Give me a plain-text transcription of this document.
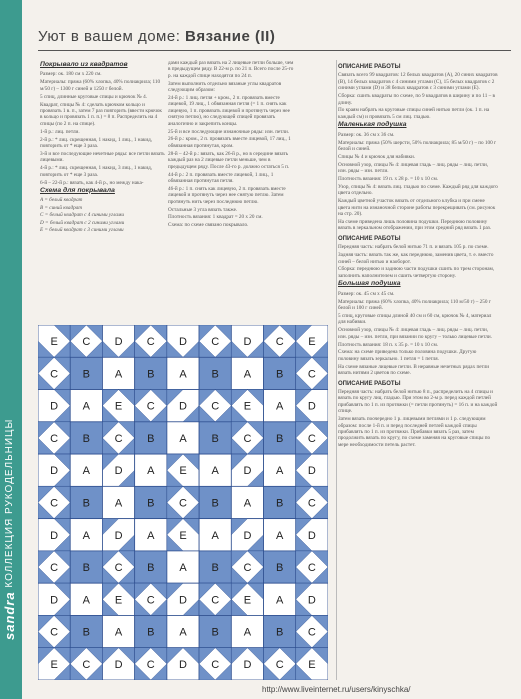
sandra КОЛЛЕКЦИЯ РУКОДЕЛЬНИЦЫ
Уют в вашем доме: Вязание (II)
Покрывало из квадратов

Размер: ок. 180 см х 220 см.

Материалы: пряжа (60% хлопка, 40% полиакрила; 110 м/50 г) – 1300 г синей и 1250 г белой.

5 спиц, длинные круговые спицы и крючок № 4.

Квадрат, спицы № 4: сделать крючком кольцо и провязать 1 в. п., затем 7 раз повторить (ввести крючок в кольцо и провязать 1 п. п.) = 8 п. Распределить на 4 спицы (по 2 п. на спице).

1-й р.: лиц. петли.

2-й р.: * лиц. скрещенная, 1 накид, 1 лиц., 1 накид, повторить от * еще 3 раза.

3-й и все последующие нечетные ряды: все петли вязать лицевыми.

4-й р.: * лиц. скрещенная, 1 накид, 3 лиц., 1 накид, повторить от * еще 3 раза.

6-й – 22-й р.: вязать, как 4-й р., но между нака-

Схема для покрывала
A = белый квадрат
B = синий квадрат
C = белый квадрат с 4 синими углами
D = белый квадрат с 2 синими углами
E = белый квадрат с 3 синими углами

дами каждый раз вязать на 2 лицевые петли больше, чем в предыдущем ряду. В 22-м р. по 21 п. Всего после 25-го р. на каждой спице находятся по 24 п.

Затем выполнить отдельно вязаные углы квадратов следующим образом:

24-й р.: 1 лиц. петля + кром., 2 п. провязать вместе лицевой, 19 лиц., 1 обвязанная петля (= 1 п. снять как лицевую, 1 п. провязать лицевой и протянуть через нее снятую петлю), но следующей спицей провязать аналогично и закрепить концы.

25-й и все последующие изнаночные ряды: изн. петли.

26-й р.: кром., 2 п. провязать вместе лицевой, 17 лиц., 1 обвязанная протянутая, кром.

28-й – 42-й р.: вязать, как 26-й р., но в середине вязать каждый раз на 2 лицевые петли меньше, чем в предыдущем ряду. После 43-го р. должно остаться 5 п.

44-й р.: 2 п. провязать вместе лицевой, 1 лиц., 1 обвязанная протянутая петля.

46-й р.: 1 п. снять как лицевую, 2 п. провязать вместе лицевой и протянуть через нее снятую петлю. Затем протянуть нить через последнюю петлю.

Остальные 3 угла вязать также.

Плотность вязания: 1 квадрат = 20 х 20 см.

Схема: по схеме связано покрывало.

ОПИСАНИЕ РАБОТЫ

Связать всего 99 квадратов: 12 белых квадратов (A), 20 синих квадратов (B), 14 белых квадратов с 4 синими углами (C), 15 белых квадратов с 2 синими углами (D) и 38 белых квадратов с 3 синими углами (E).

Сборка: сшить квадраты по схеме, по 9 квадратов в ширину и по 11 – в длину.

По краям набрать на круговые спицы синей нитью петли (ок. 1 п. на каждый см) и провязать 5 см лиц. гладью.

Маленькая подушка

Размер: ок. 36 см х 36 см.

Материалы: пряжа (50% шерсти, 50% полиакрила; 85 м/50 г) – по 100 г белой и синей.

Спицы № 4 и крючок для набивки.

Основной узор, спицы № 4: лицевая гладь – лиц. ряды – лиц. петли, изн. ряды – изн. петли.

Плотность вязания: 19 п. х 28 р. = 10 х 10 см.

Узор, спицы № 4: вязать лиц. гладью по схеме. Каждый ряд для каждого цвета отдельно.

Каждый цветной участок вязать от отдельного клубка и при смене цвета нити на изнаночной стороне работы перекрещивать (см. рисунок на стр. 20).

На схеме приведена лишь половина подушки. Переднюю половину вязать в зеркальном отображении, при этом средний ряд вязать 1 раз.

ОПИСАНИЕ РАБОТЫ

Передняя часть: набрать белой нитью 71 п. и вязать 105 р. по схеме.

Задняя часть: вязать так же, как переднюю, заменив цвета, т. е. вместо синей – белой нитью и наоборот.

Сборка: переднюю и заднюю части подушки сшить по трем сторонам, заполнить наполнителем и сшить четвертую сторону.

Большая подушка

Размер: ок. 45 см х 45 см.

Материалы: пряжа (60% хлопка, 40% полиакрила; 110 м/50 г) – 250 г белой и 100 г синей.

5 спиц, круговые спицы длиной 40 см и 60 см, крючок № 4, материал для набивки.

Основной узор, спицы № 4: лицевая гладь – лиц. ряды – лиц. петли, изн. ряды – изн. петли, при вязании по кругу – только лицевые петли.

Плотность вязания: 18 п. х 35 р. = 10 х 10 см.

Схема: на схеме приведена только половина подушки. Другую половину вязать зеркально. 1 петля = 1 петля.

На схеме вязаные лицевые петли. В неравные нечетных рядах петли вязать нитями 2 цветов по схеме.

ОПИСАНИЕ РАБОТЫ

Передняя часть: набрать белой нитью 8 п., распределить на 4 спицы и вязать по кругу лиц. гладью. При этом во 2-м р. перед каждой петлей прибавлять по 1 п. из протяжки (= петли протянуть) = 16 п. и на каждой спице.

Затем вязать поочередно 1 р. лицевыми петлями и 1 р. следующим образом: после 1-й п. и перед последней петлей каждой спицы прибавлять по 1 п. из протяжки. Прибавки вязать 5 раз, затем продолжить вязать по кругу, по схеме заменяя на круговые спицы по мере необходимости петель растет.

E C D C D C D C E
C B A B A B A B C
D A E C D C E A D
C B C B A B C B C
D A D A E A D A D
C B A B C B A B C
D A D A E A D A D
C B C B A B C B C
D A E C D C E A D
C B A B A B A B C
E C D C D C D C E
http://www.liveinternet.ru/users/kinyschka/
